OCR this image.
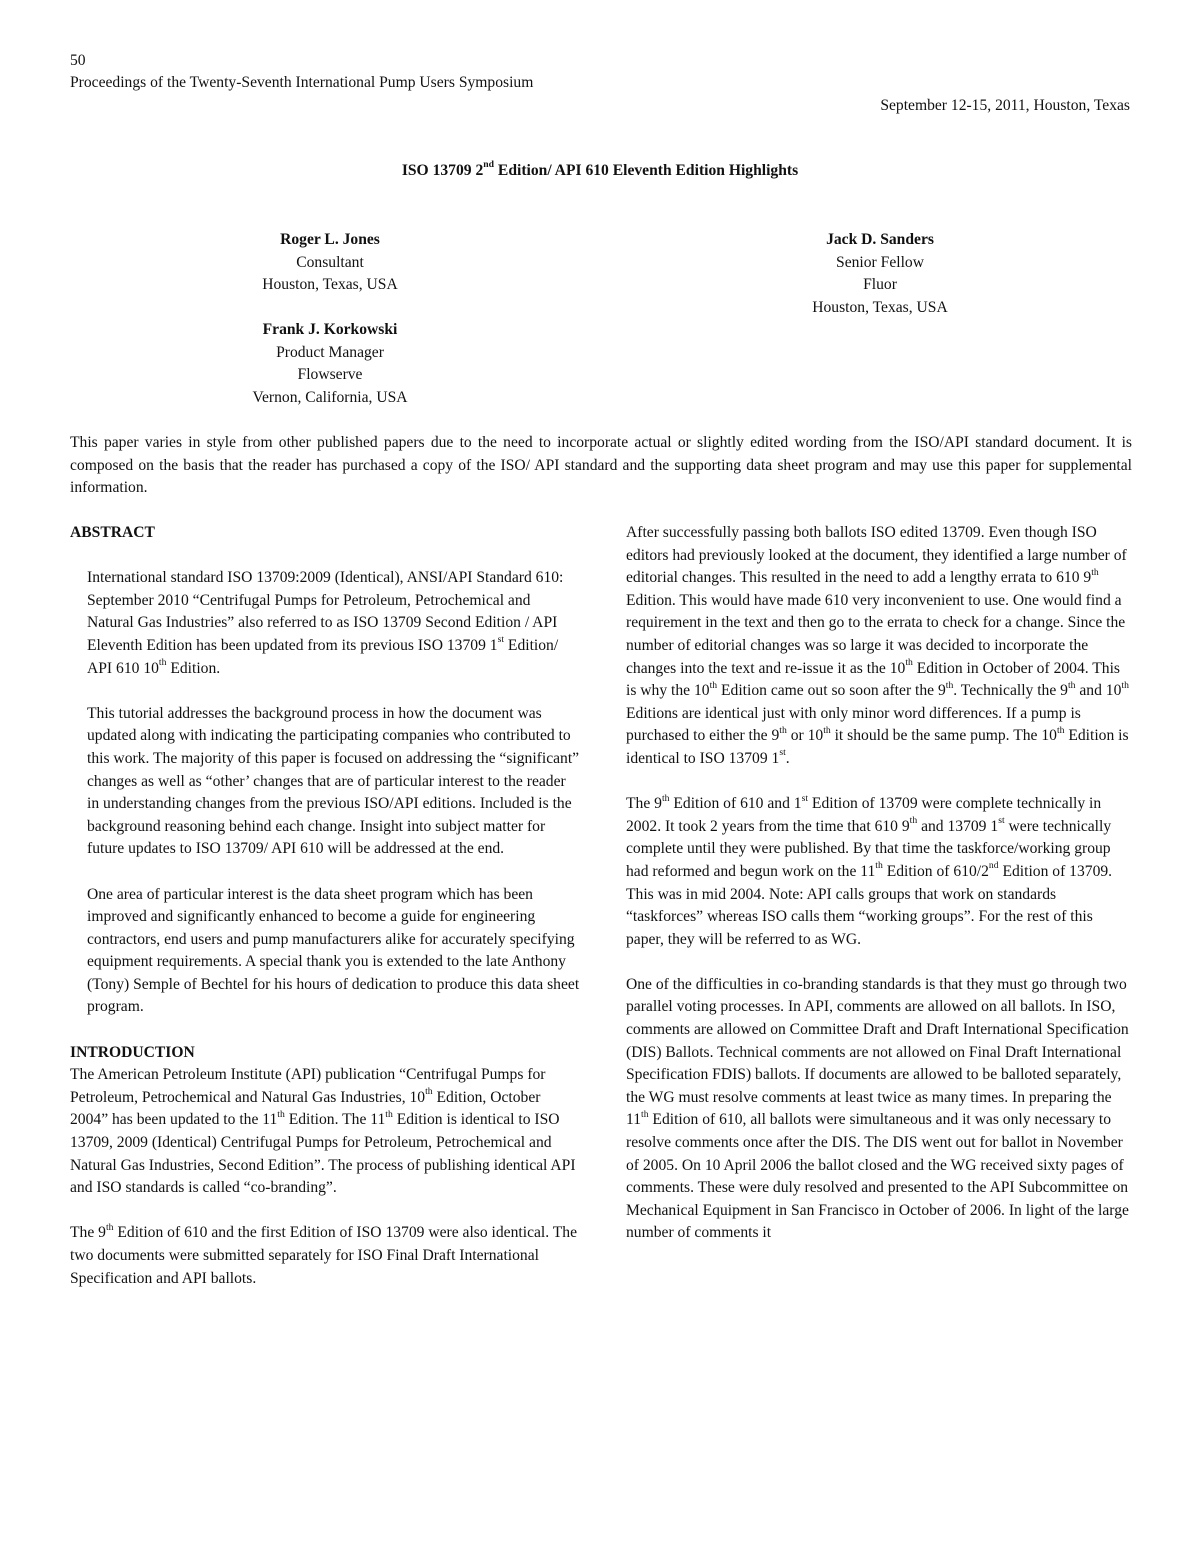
50
Proceedings of the Twenty-Seventh International Pump Users Symposium
September 12-15, 2011, Houston, Texas
ISO 13709 2nd Edition/ API 610 Eleventh Edition Highlights
Roger L. Jones
Consultant
Houston, Texas, USA
Frank J. Korkowski
Product Manager
Flowserve
Vernon, California, USA
Jack D. Sanders
Senior Fellow
Fluor
Houston, Texas, USA
This paper varies in style from other published papers due to the need to incorporate actual or slightly edited wording from the ISO/API standard document. It is composed on the basis that the reader has purchased a copy of the ISO/ API standard and the supporting data sheet program and may use this paper for supplemental information.

ABSTRACT

International standard ISO 13709:2009 (Identical), ANSI/API Standard 610: September 2010 “Centrifugal Pumps for Petroleum, Petrochemical and Natural Gas Industries” also referred to as ISO 13709 Second Edition / API Eleventh Edition has been updated from its previous ISO 13709 1st Edition/ API 610 10th Edition.

This tutorial addresses the background process in how the document was updated along with indicating the participating companies who contributed to this work. The majority of this paper is focused on addressing the “significant” changes as well as “other’ changes that are of particular interest to the reader in understanding changes from the previous ISO/API editions. Included is the background reasoning behind each change. Insight into subject matter for future updates to ISO 13709/ API 610 will be addressed at the end.

One area of particular interest is the data sheet program which has been improved and significantly enhanced to become a guide for engineering contractors, end users and pump manufacturers alike for accurately specifying equipment requirements. A special thank you is extended to the late Anthony (Tony) Semple of Bechtel for his hours of dedication to produce this data sheet program.

INTRODUCTION

The American Petroleum Institute (API) publication “Centrifugal Pumps for Petroleum, Petrochemical and Natural Gas Industries, 10th Edition, October 2004” has been updated to the 11th Edition. The 11th Edition is identical to ISO 13709, 2009 (Identical) Centrifugal Pumps for Petroleum, Petrochemical and Natural Gas Industries, Second Edition”. The process of publishing identical API and ISO standards is called “co-branding”.

The 9th Edition of 610 and the first Edition of ISO 13709 were also identical. The two documents were submitted separately for ISO Final Draft International Specification and API ballots.

After successfully passing both ballots ISO edited 13709. Even though ISO editors had previously looked at the document, they identified a large number of editorial changes. This resulted in the need to add a lengthy errata to 610 9th Edition. This would have made 610 very inconvenient to use. One would find a requirement in the text and then go to the errata to check for a change. Since the number of editorial changes was so large it was decided to incorporate the changes into the text and re-issue it as the 10th Edition in October of 2004. This is why the 10th Edition came out so soon after the 9th. Technically the 9th and 10th Editions are identical just with only minor word differences. If a pump is purchased to either the 9th or 10th it should be the same pump. The 10th Edition is identical to ISO 13709 1st.

The 9th Edition of 610 and 1st Edition of 13709 were complete technically in 2002. It took 2 years from the time that 610 9th and 13709 1st were technically complete until they were published. By that time the taskforce/working group had reformed and begun work on the 11th Edition of 610/2nd Edition of 13709. This was in mid 2004. Note: API calls groups that work on standards “taskforces” whereas ISO calls them “working groups”. For the rest of this paper, they will be referred to as WG.

One of the difficulties in co-branding standards is that they must go through two parallel voting processes. In API, comments are allowed on all ballots. In ISO, comments are allowed on Committee Draft and Draft International Specification (DIS) Ballots. Technical comments are not allowed on Final Draft International Specification FDIS) ballots. If documents are allowed to be balloted separately, the WG must resolve comments at least twice as many times. In preparing the 11th Edition of 610, all ballots were simultaneous and it was only necessary to resolve comments once after the DIS. The DIS went out for ballot in November of 2005. On 10 April 2006 the ballot closed and the WG received sixty pages of comments. These were duly resolved and presented to the API Subcommittee on Mechanical Equipment in San Francisco in October of 2006. In light of the large number of comments it
